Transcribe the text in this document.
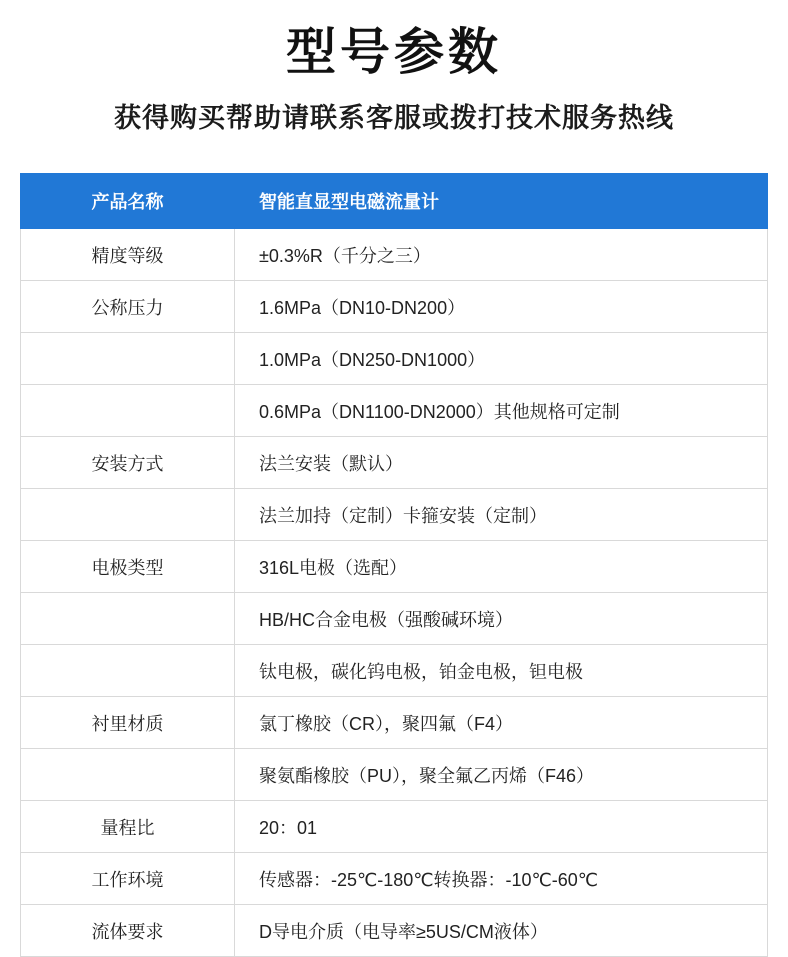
型号参数
获得购买帮助请联系客服或拨打技术服务热线
产品名称	智能直显型电磁流量计
精度等级	±0.3%R（千分之三）
公称压力	1.6MPa（DN10-DN200）
	1.0MPa（DN250-DN1000）
	0.6MPa（DN1100-DN2000）其他规格可定制
安装方式	法兰安装（默认）
	法兰加持（定制）卡箍安装（定制）
电极类型	316L电极（选配）
	HB/HC合金电极（强酸碱环境）
	钛电极，碳化钨电极，铂金电极，钽电极
衬里材质	氯丁橡胶（CR），聚四氟（F4）
	聚氨酯橡胶（PU），聚全氟乙丙烯（F46）
量程比	20：01
工作环境	传感器：-25℃-180℃转换器：-10℃-60℃
流体要求	D导电介质（电导率≥5US/CM液体）
